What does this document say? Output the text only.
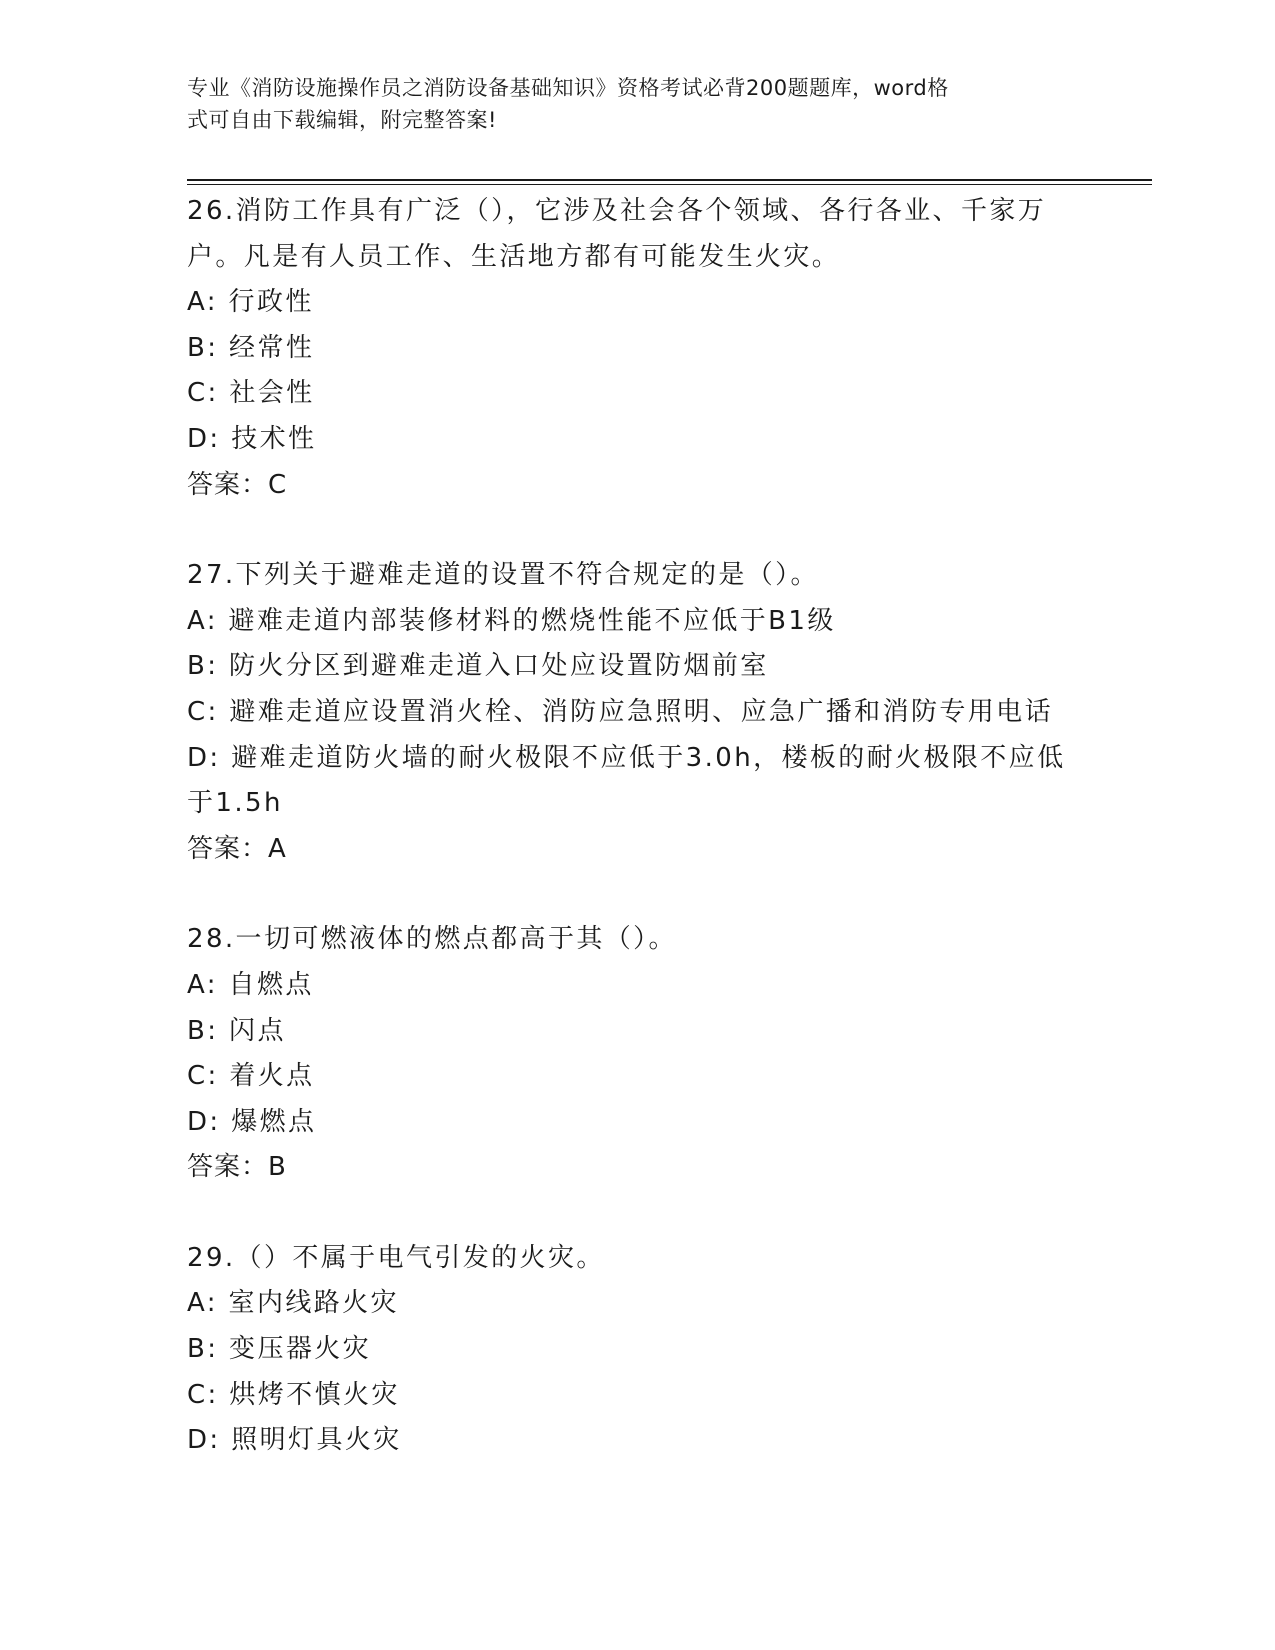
专业《消防设施操作员之消防设备基础知识》资格考试必背200题题库，word格
式可自由下载编辑，附完整答案!
26.消防工作具有广泛（），它涉及社会各个领域、各行各业、千家万
户。凡是有人员工作、生活地方都有可能发生火灾。
A: 行政性
B: 经常性
C: 社会性
D: 技术性
答案：C
27.下列关于避难走道的设置不符合规定的是（）。
A: 避难走道内部装修材料的燃烧性能不应低于B1级
B: 防火分区到避难走道入口处应设置防烟前室
C: 避难走道应设置消火栓、消防应急照明、应急广播和消防专用电话
D: 避难走道防火墙的耐火极限不应低于3.0h，楼板的耐火极限不应低
于1.5h
答案：A
28.一切可燃液体的燃点都高于其（）。
A: 自燃点
B: 闪点
C: 着火点
D: 爆燃点
答案：B
29.（）不属于电气引发的火灾。
A: 室内线路火灾
B: 变压器火灾
C: 烘烤不慎火灾
D: 照明灯具火灾
